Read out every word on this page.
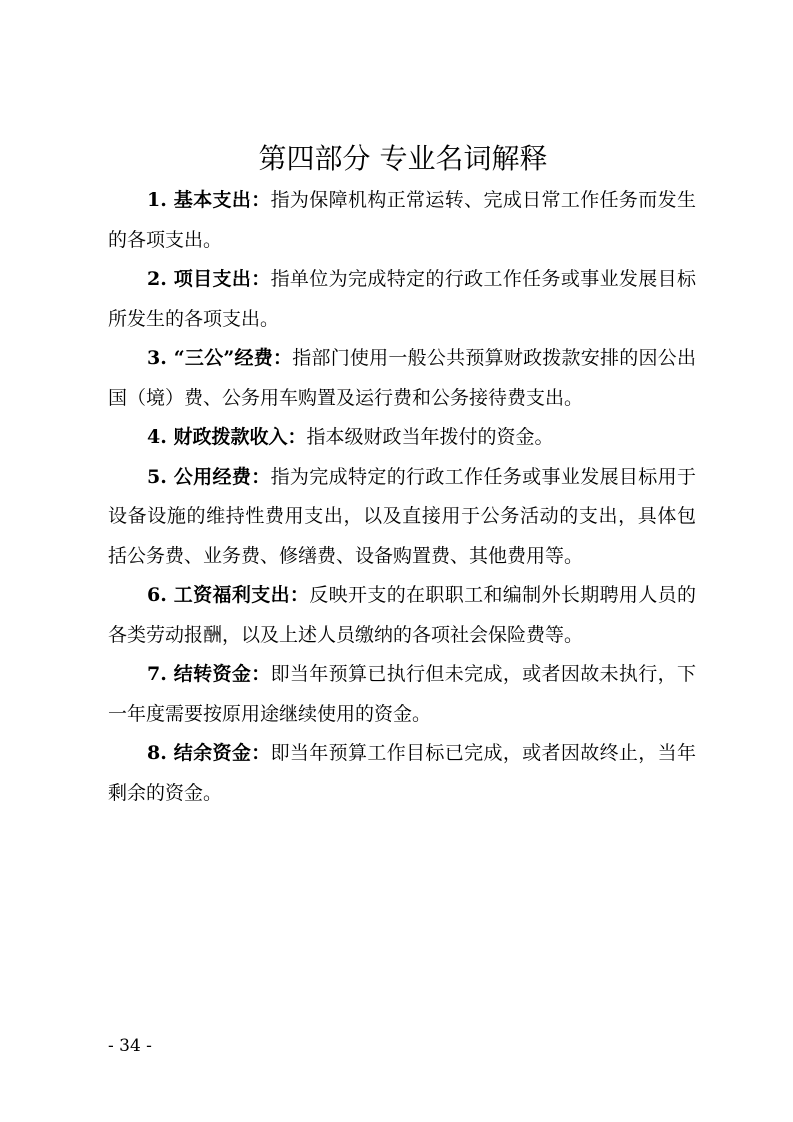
第四部分 专业名词解释

1. 基本支出：指为保障机构正常运转、完成日常工作任务而发生的各项支出。

2. 项目支出：指单位为完成特定的行政工作任务或事业发展目标所发生的各项支出。

3. “三公”经费：指部门使用一般公共预算财政拨款安排的因公出国（境）费、公务用车购置及运行费和公务接待费支出。

4. 财政拨款收入：指本级财政当年拨付的资金。

5. 公用经费：指为完成特定的行政工作任务或事业发展目标用于设备设施的维持性费用支出，以及直接用于公务活动的支出，具体包括公务费、业务费、修缮费、设备购置费、其他费用等。

6. 工资福利支出：反映开支的在职职工和编制外长期聘用人员的各类劳动报酬，以及上述人员缴纳的各项社会保险费等。

7. 结转资金：即当年预算已执行但未完成，或者因故未执行，下一年度需要按原用途继续使用的资金。

8. 结余资金：即当年预算工作目标已完成，或者因故终止，当年剩余的资金。

- 34 -
